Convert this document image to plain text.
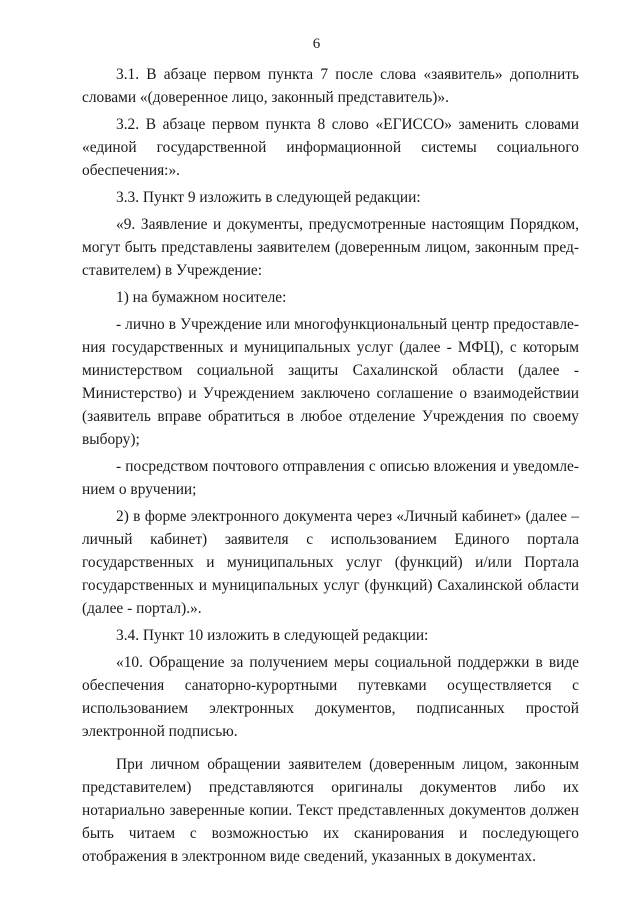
6

3.1. В абзаце первом пункта 7 после слова «заявитель» дополнить словами «(доверенное лицо, законный представитель)».

3.2. В абзаце первом пункта 8 слово «ЕГИССО» заменить словами «единой государственной информационной системы социального обеспечения:».

3.3. Пункт 9 изложить в следующей редакции:

«9. Заявление и документы, предусмотренные настоящим Порядком, могут быть представлены заявителем (доверенным лицом, законным представителем) в Учреждение:

1) на бумажном носителе:

- лично в Учреждение или многофункциональный центр предоставления государственных и муниципальных услуг (далее - МФЦ), с которым министерством социальной защиты Сахалинской области (далее - Министерство) и Учреждением заключено соглашение о взаимодействии (заявитель вправе обратиться в любое отделение Учреждения по своему выбору);

- посредством почтового отправления с описью вложения и уведомлением о вручении;

2) в форме электронного документа через «Личный кабинет» (далее – личный кабинет) заявителя с использованием Единого портала государственных и муниципальных услуг (функций) и/или Портала государственных и муниципальных услуг (функций) Сахалинской области (далее - портал).».

3.4. Пункт 10 изложить в следующей редакции:

«10. Обращение за получением меры социальной поддержки в виде обеспечения санаторно-курортными путевками осуществляется с использованием электронных документов, подписанных простой электронной подписью.

При личном обращении заявителем (доверенным лицом, законным представителем) представляются оригиналы документов либо их нотариально заверенные копии. Текст представленных документов должен быть читаем с возможностью их сканирования и последующего отображения в электронном виде сведений, указанных в документах.
